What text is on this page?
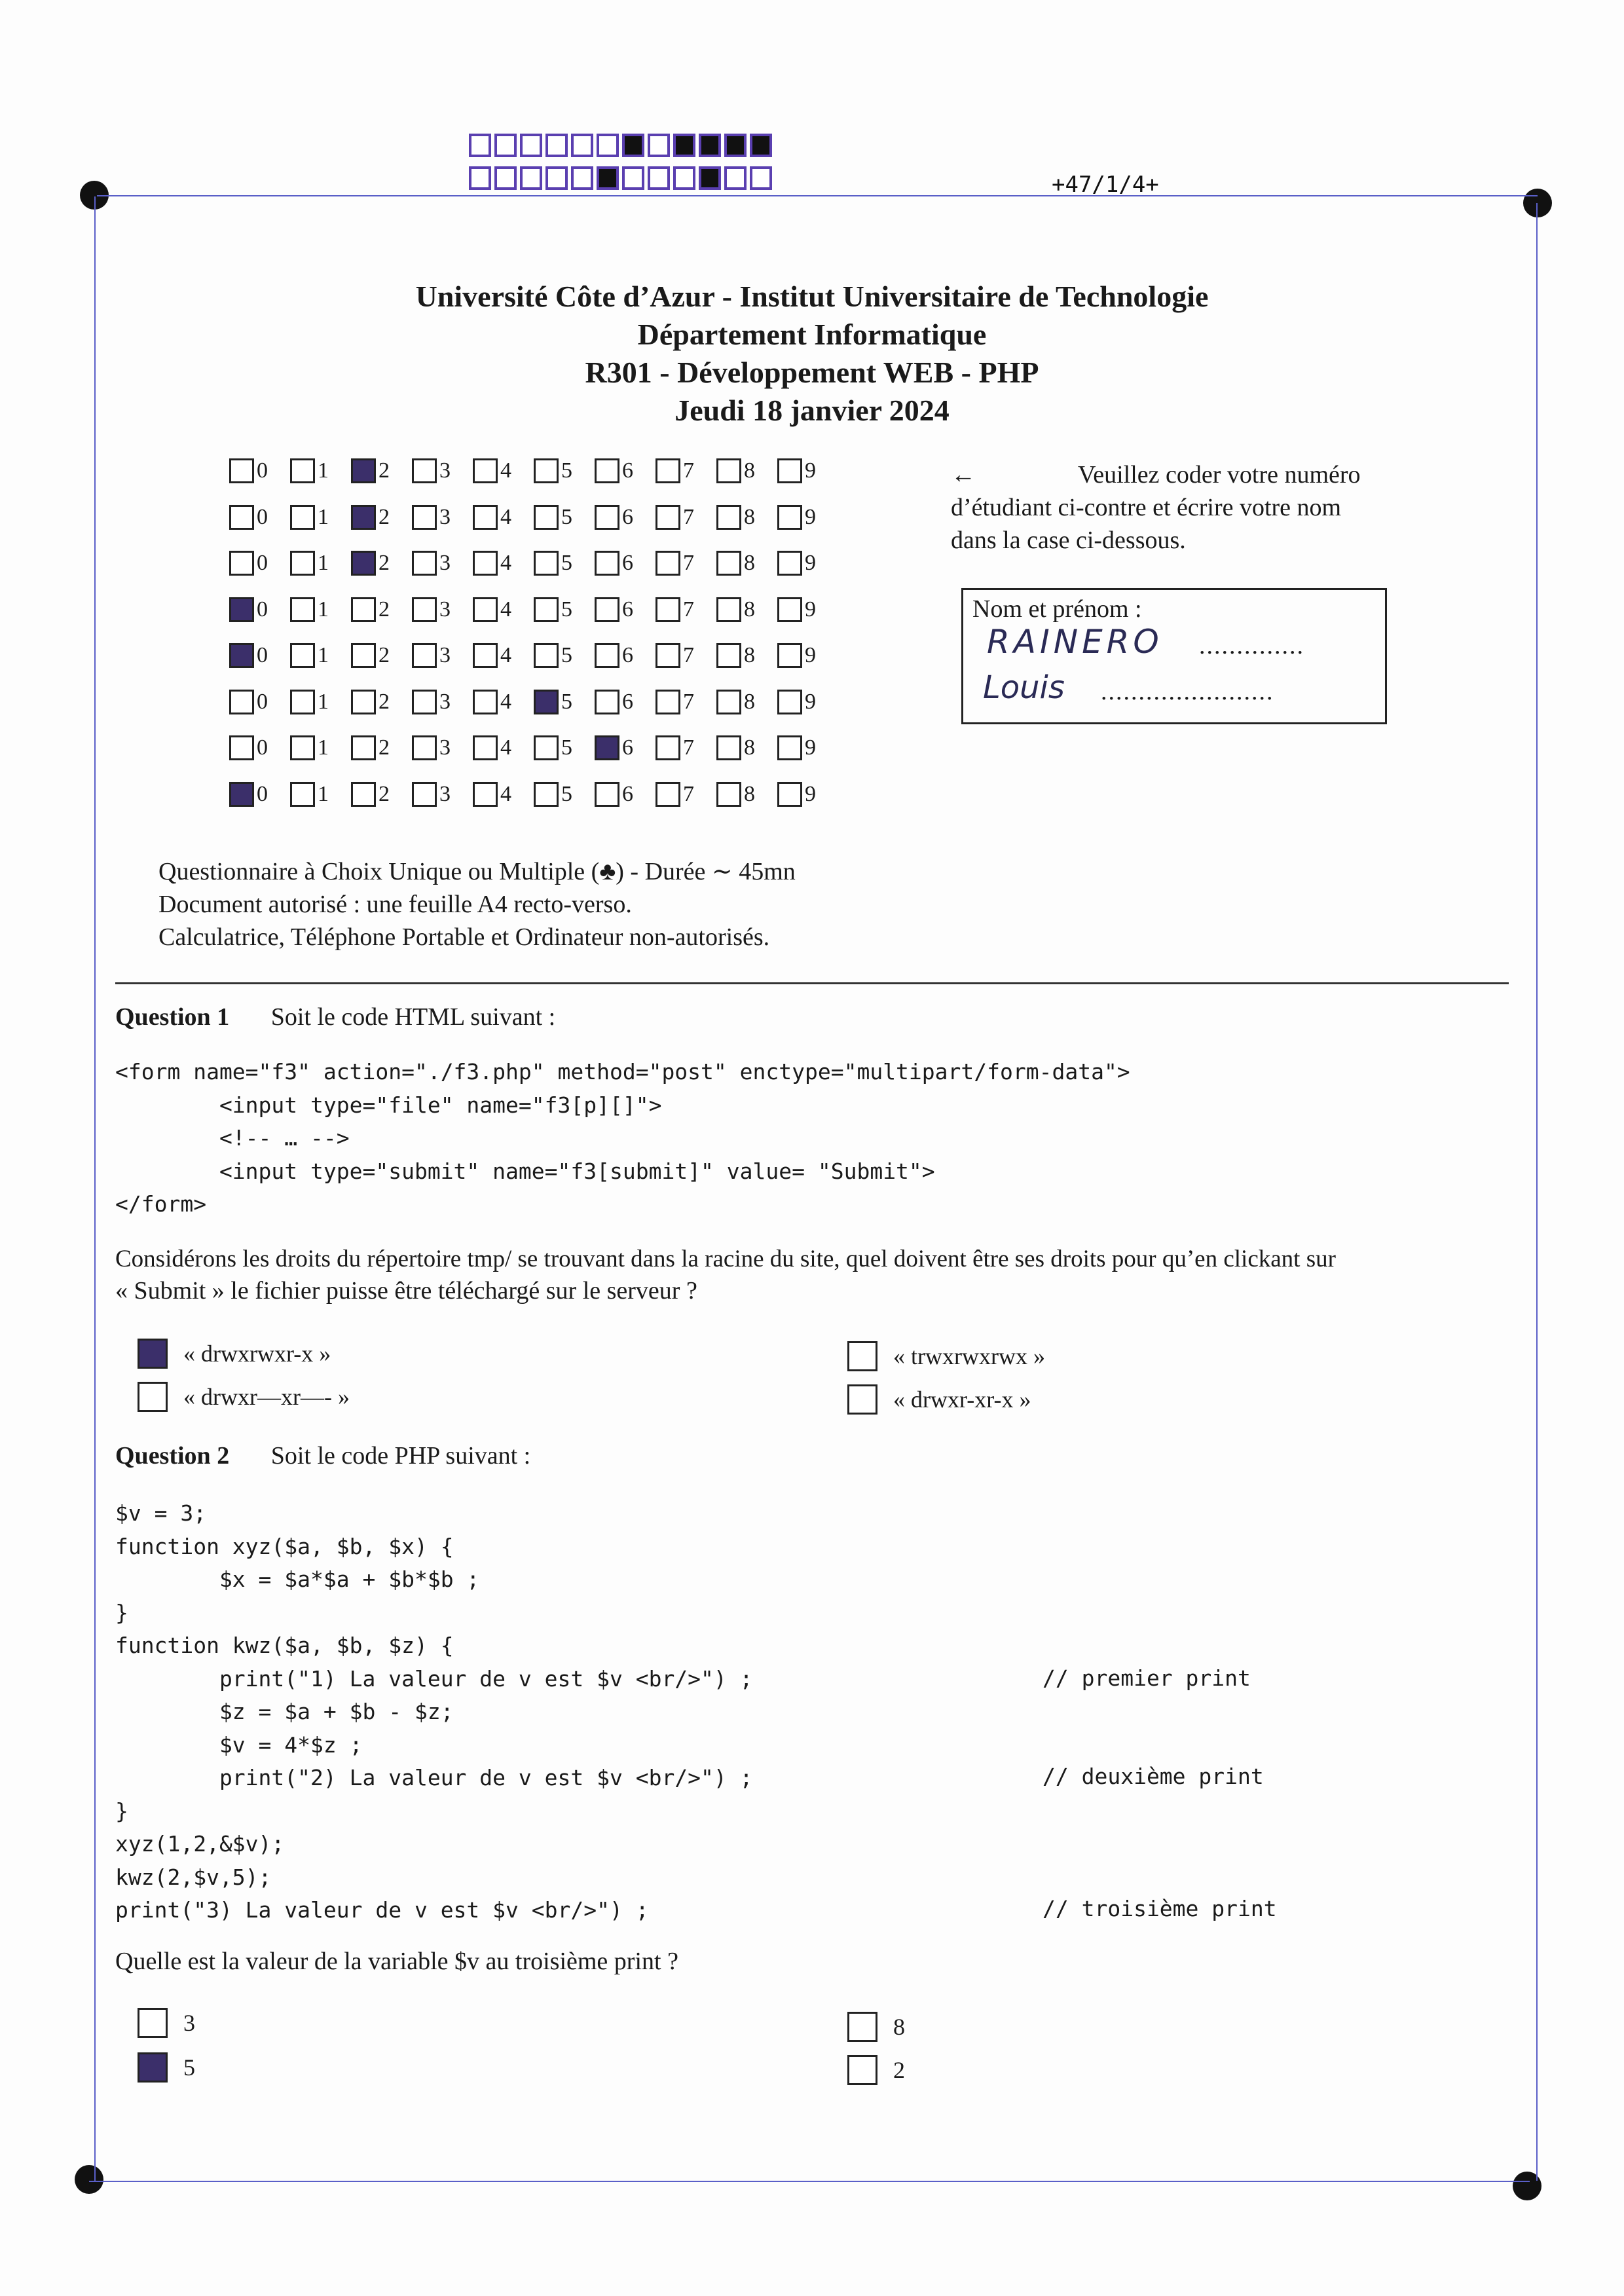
+47/1/4+
Université Côte d’Azur - Institut Universitaire de Technologie
Département Informatique
R301 - Développement WEB - PHP
Jeudi 18 janvier 2024
0 1 2 3 4 5 6 7 8 9
0 1 2 3 4 5 6 7 8 9
0 1 2 3 4 5 6 7 8 9
0 1 2 3 4 5 6 7 8 9
0 1 2 3 4 5 6 7 8 9
0 1 2 3 4 5 6 7 8 9
0 1 2 3 4 5 6 7 8 9
0 1 2 3 4 5 6 7 8 9
←	Veuillez coder votre numéro
d’étudiant ci-contre et écrire votre nom
dans la case ci-dessous.
Nom et prénom :
RAINERO ..............
Louis .......................
Questionnaire à Choix Unique ou Multiple (♣) - Durée ∼ 45mn
Document autorisé : une feuille A4 recto-verso.
Calculatrice, Téléphone Portable et Ordinateur non-autorisés.
Question 1 Soit le code HTML suivant :
<form name="f3" action="./f3.php" method="post" enctype="multipart/form-data">
<input type="file" name="f3[p][]">
<!-- … -->
<input type="submit" name="f3[submit]" value= "Submit">
</form>
Considérons les droits du répertoire tmp/ se trouvant dans la racine du site, quel doivent être ses droits pour qu’en clickant sur
« Submit » le fichier puisse être téléchargé sur le serveur ?
« drwxrwxr-x »
« drwxr—xr—- »
« trwxrwxrwx »
« drwxr-xr-x »
Question 2 Soit le code PHP suivant :
$v = 3;
function xyz($a, $b, $x) {
$x = $a*$a + $b*$b ;
}
function kwz($a, $b, $z) {
print("1) La valeur de v est $v <br/>") ;
$z = $a + $b - $z;
$v = 4*$z ;
print("2) La valeur de v est $v <br/>") ;
}
xyz(1,2,&$v);
kwz(2,$v,5);
print("3) La valeur de v est $v <br/>") ;
// premier print
// deuxième print
// troisième print
Quelle est la valeur de la variable $v au troisième print ?
3
5
8
2
